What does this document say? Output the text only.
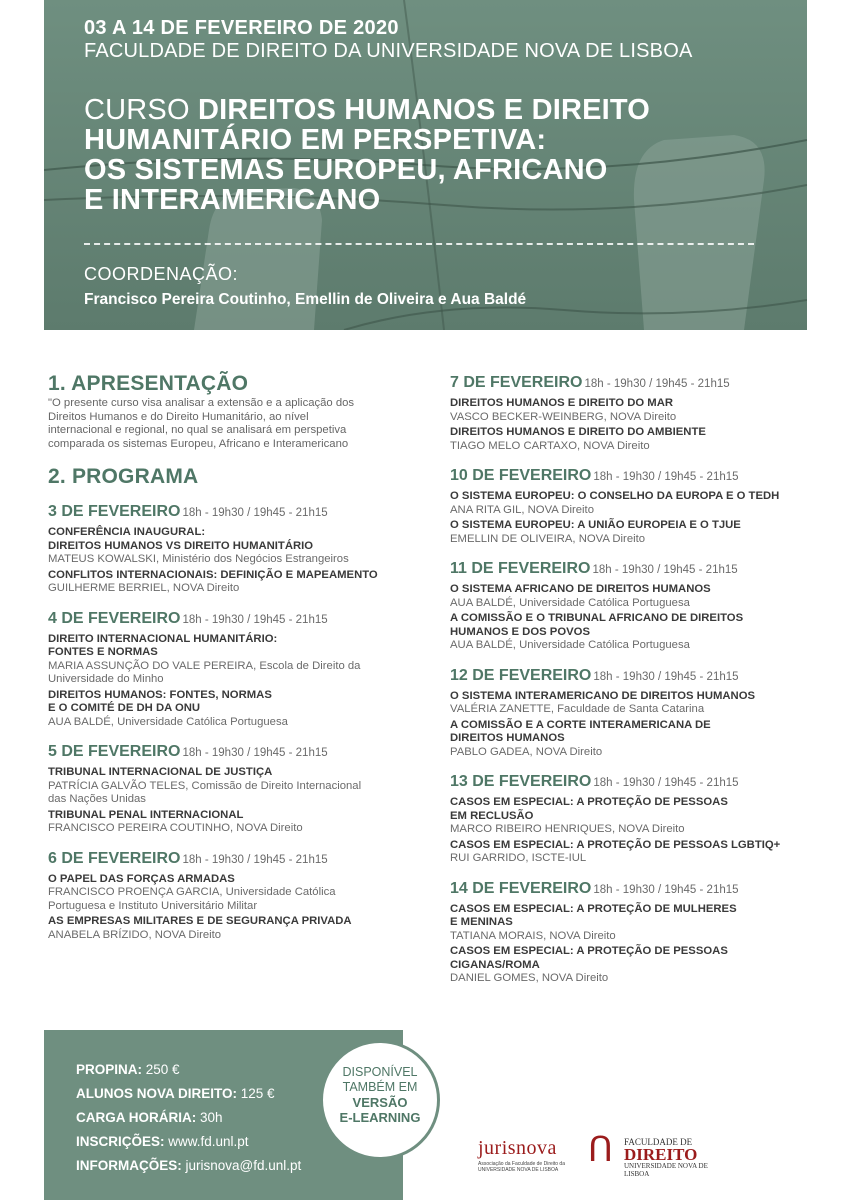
03 A 14 DE FEVEREIRO DE 2020
FACULDADE DE DIREITO DA UNIVERSIDADE NOVA DE LISBOA
CURSO DIREITOS HUMANOS E DIREITO
HUMANITÁRIO EM PERSPETIVA:
OS SISTEMAS EUROPEU, AFRICANO
E INTERAMERICANO
COORDENAÇÃO:
Francisco Pereira Coutinho, Emellin de Oliveira e Aua Baldé
1. APRESENTAÇÃO
"O presente curso visa analisar a extensão e a aplicação dos
Direitos Humanos e do Direito Humanitário, ao nível
internacional e regional, no qual se analisará em perspetiva
comparada os sistemas Europeu, Africano e Interamericano
2. PROGRAMA
3 DE FEVEREIRO 18h - 19h30 / 19h45 - 21h15
CONFERÊNCIA INAUGURAL:
DIREITOS HUMANOS VS DIREITO HUMANITÁRIO
MATEUS KOWALSKI, Ministério dos Negócios Estrangeiros
CONFLITOS INTERNACIONAIS: DEFINIÇÃO E MAPEAMENTO
GUILHERME BERRIEL, NOVA Direito
4 DE FEVEREIRO 18h - 19h30 / 19h45 - 21h15
DIREITO INTERNACIONAL HUMANITÁRIO:
FONTES E NORMAS
MARIA ASSUNÇÃO DO VALE PEREIRA, Escola de Direito da
Universidade do Minho
DIREITOS HUMANOS: FONTES, NORMAS
E O COMITÉ DE DH DA ONU
AUA BALDÉ, Universidade Católica Portuguesa
5 DE FEVEREIRO 18h - 19h30 / 19h45 - 21h15
TRIBUNAL INTERNACIONAL DE JUSTIÇA
PATRÍCIA GALVÃO TELES, Comissão de Direito Internacional
das Nações Unidas
TRIBUNAL PENAL INTERNACIONAL
FRANCISCO PEREIRA COUTINHO, NOVA Direito
6 DE FEVEREIRO 18h - 19h30 / 19h45 - 21h15
O PAPEL DAS FORÇAS ARMADAS
FRANCISCO PROENÇA GARCIA, Universidade Católica
Portuguesa e Instituto Universitário Militar
AS EMPRESAS MILITARES E DE SEGURANÇA PRIVADA
ANABELA BRÍZIDO, NOVA Direito
7 DE FEVEREIRO 18h - 19h30 / 19h45 - 21h15
DIREITOS HUMANOS E DIREITO DO MAR
VASCO BECKER-WEINBERG, NOVA Direito
DIREITOS HUMANOS E DIREITO DO AMBIENTE
TIAGO MELO CARTAXO, NOVA Direito
10 DE FEVEREIRO 18h - 19h30 / 19h45 - 21h15
O SISTEMA EUROPEU: O CONSELHO DA EUROPA E O TEDH
ANA RITA GIL, NOVA Direito
O SISTEMA EUROPEU: A UNIÃO EUROPEIA E O TJUE
EMELLIN DE OLIVEIRA, NOVA Direito
11 DE FEVEREIRO 18h - 19h30 / 19h45 - 21h15
O SISTEMA AFRICANO DE DIREITOS HUMANOS
AUA BALDÉ, Universidade Católica Portuguesa
A COMISSÃO E O TRIBUNAL AFRICANO DE DIREITOS
HUMANOS E DOS POVOS
AUA BALDÉ, Universidade Católica Portuguesa
12 DE FEVEREIRO 18h - 19h30 / 19h45 - 21h15
O SISTEMA INTERAMERICANO DE DIREITOS HUMANOS
VALÉRIA ZANETTE, Faculdade de Santa Catarina
A COMISSÃO E A CORTE INTERAMERICANA DE
DIREITOS HUMANOS
PABLO GADEA, NOVA Direito
13 DE FEVEREIRO 18h - 19h30 / 19h45 - 21h15
CASOS EM ESPECIAL: A PROTEÇÃO DE PESSOAS
EM RECLUSÃO
MARCO RIBEIRO HENRIQUES, NOVA Direito
CASOS EM ESPECIAL: A PROTEÇÃO DE PESSOAS LGBTIQ+
RUI GARRIDO, ISCTE-IUL
14 DE FEVEREIRO 18h - 19h30 / 19h45 - 21h15
CASOS EM ESPECIAL: A PROTEÇÃO DE MULHERES
E MENINAS
TATIANA MORAIS, NOVA Direito
CASOS EM ESPECIAL: A PROTEÇÃO DE PESSOAS
CIGANAS/ROMA
DANIEL GOMES, NOVA Direito
PROPINA: 250 €
ALUNOS NOVA DIREITO: 125 €
CARGA HORÁRIA: 30h
INSCRIÇÕES: www.fd.unl.pt
INFORMAÇÕES: jurisnova@fd.unl.pt
DISPONÍVEL
TAMBÉM EM
VERSÃO
E-LEARNING
jurisnova
Associação da Faculdade de Direito da
UNIVERSIDADE NOVA DE LISBOA
ᑎ FACULDADE DE
DIREITO
UNIVERSIDADE NOVA DE LISBOA
